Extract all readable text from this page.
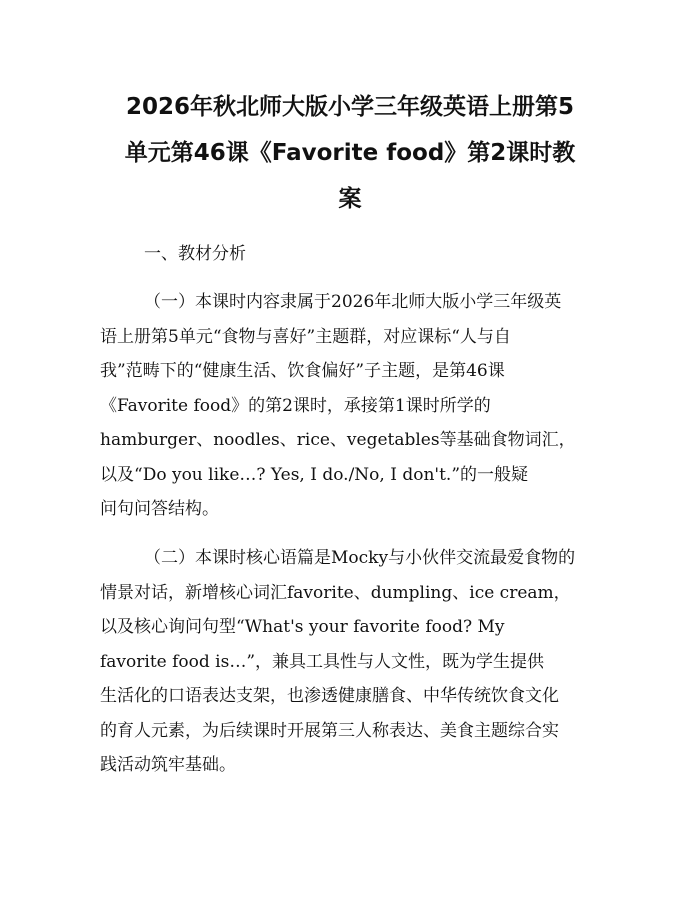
2026年秋北师大版小学三年级英语上册第5
单元第46课《Favorite food》第2课时教
案
一、教材分析
（一）本课时内容隶属于2026年北师大版小学三年级英
语上册第5单元“食物与喜好”主题群，对应课标“人与自
我”范畴下的“健康生活、饮食偏好”子主题，是第46课
《Favorite food》的第2课时，承接第1课时所学的
hamburger、noodles、rice、vegetables等基础食物词汇，
以及“Do you like…? Yes, I do./No, I don't.”的一般疑
问句问答结构。
（二）本课时核心语篇是Mocky与小伙伴交流最爱食物的
情景对话，新增核心词汇favorite、dumpling、ice cream，
以及核心询问句型“What's your favorite food? My
favorite food is…”，兼具工具性与人文性，既为学生提供
生活化的口语表达支架，也渗透健康膳食、中华传统饮食文化
的育人元素，为后续课时开展第三人称表达、美食主题综合实
践活动筑牢基础。
